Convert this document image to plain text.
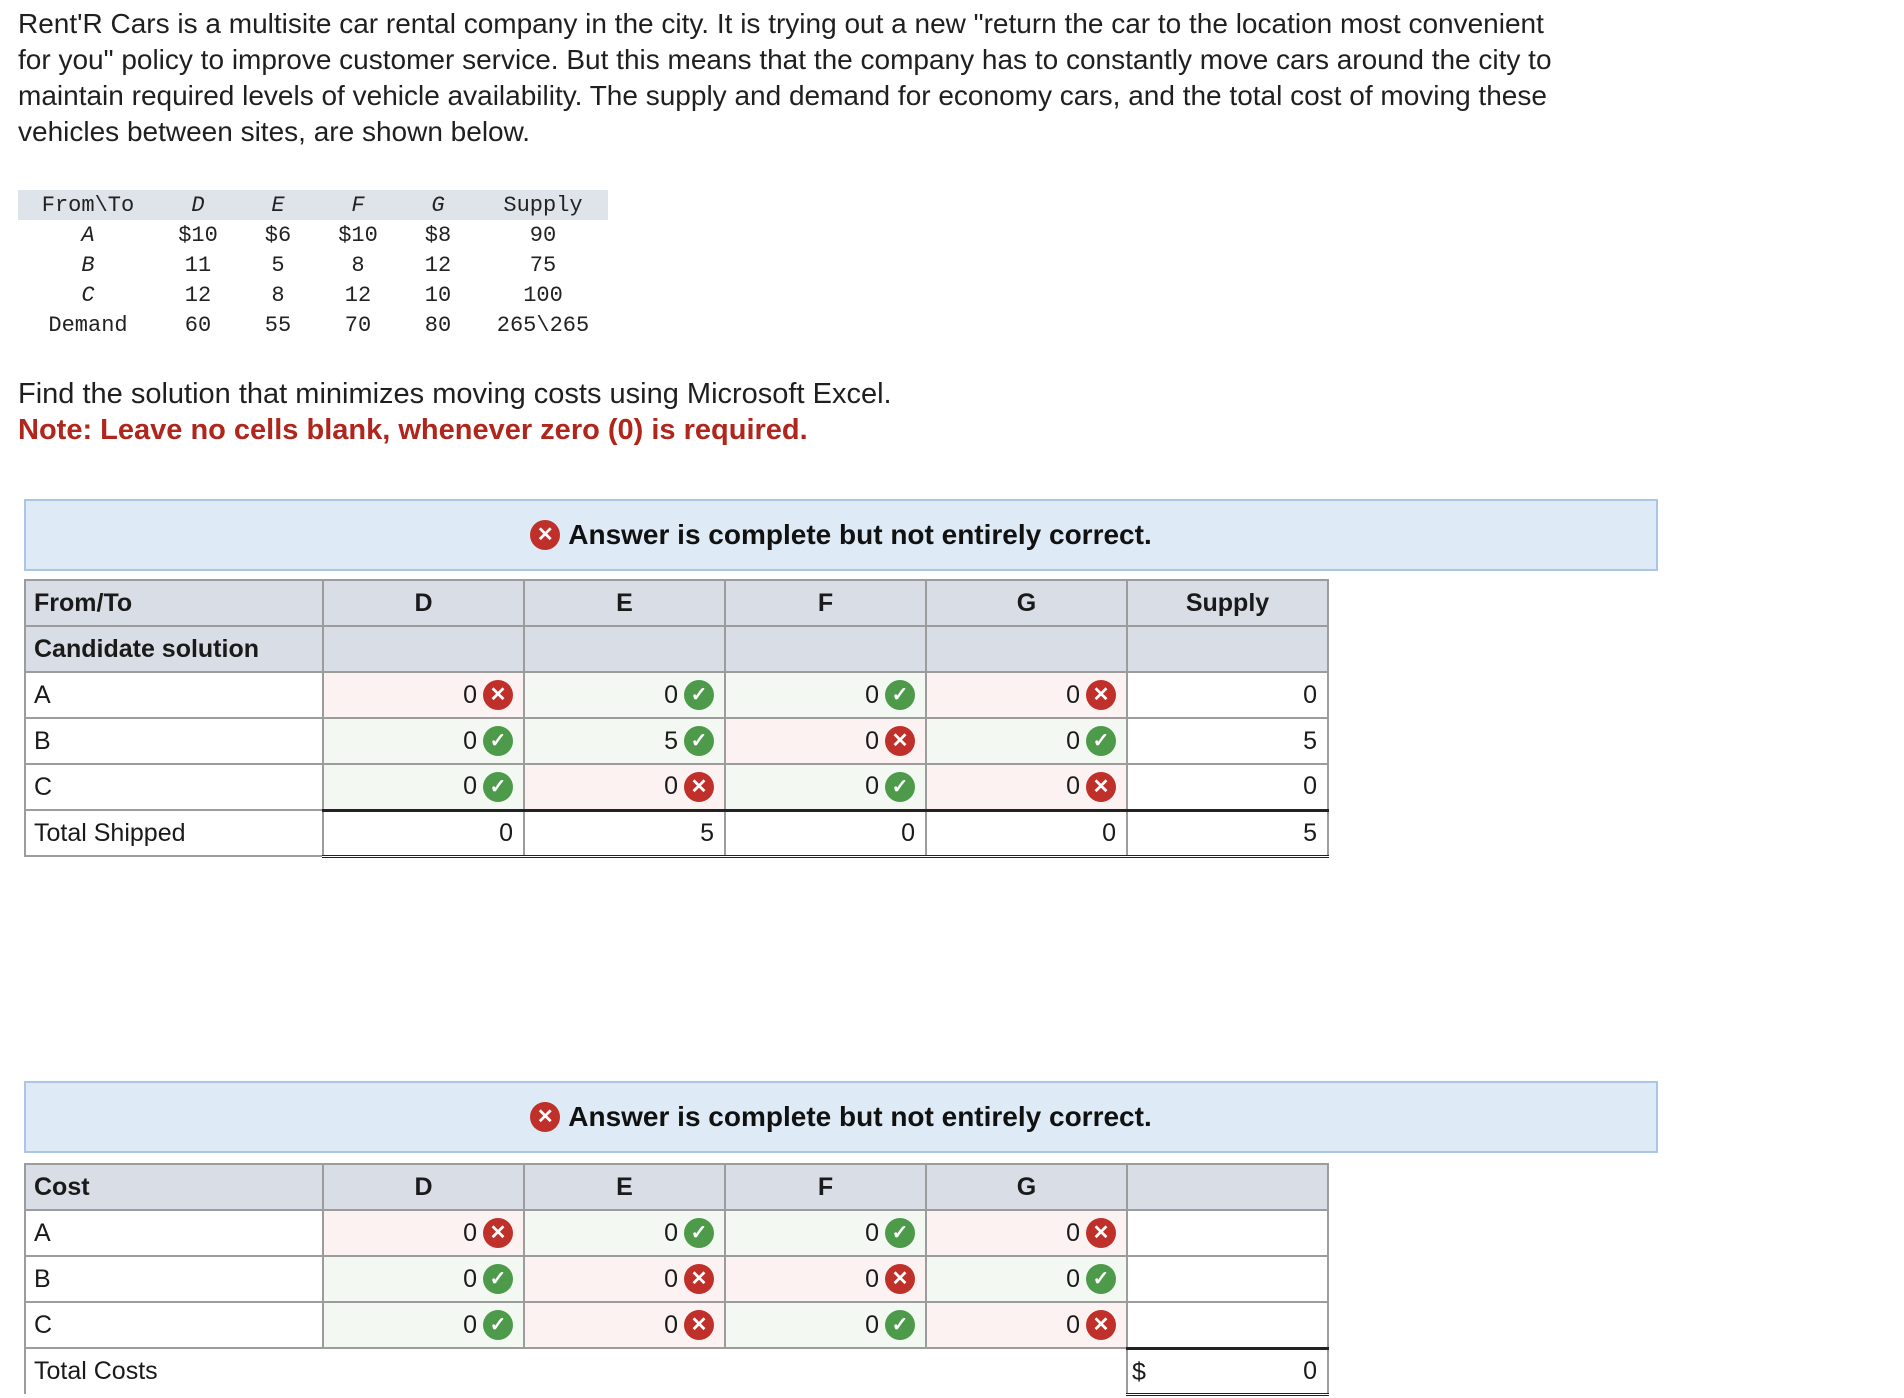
Rent'R Cars is a multisite car rental company in the city. It is trying out a new "return the car to the location most convenient for you" policy to improve customer service. But this means that the company has to constantly move cars around the city to maintain required levels of vehicle availability. The supply and demand for economy cars, and the total cost of moving these vehicles between sites, are shown below.
From\To	D	E	F	G	Supply
A	$10	$6	$10	$8	90
B	11	5	8	12	75
C	12	8	12	10	100
Demand	60	55	70	80	265\265
Find the solution that minimizes moving costs using Microsoft Excel.
Note: Leave no cells blank, whenever zero (0) is required.
✕ Answer is complete but not entirely correct.
From/To	D	E	F	G	Supply
Candidate solution					
A	0 ✕	0 ✓	0 ✓	0 ✕	0
B	0 ✓	5 ✓	0 ✕	0 ✓	5
C	0 ✓	0 ✕	0 ✓	0 ✕	0
Total Shipped	0	5	0	0	5
✕ Answer is complete but not entirely correct.
Cost	D	E	F	G	
A	0 ✕	0 ✓	0 ✓	0 ✕	
B	0 ✓	0 ✕	0 ✕	0 ✓	
C	0 ✓	0 ✕	0 ✓	0 ✕	
Total Costs					$ 0
